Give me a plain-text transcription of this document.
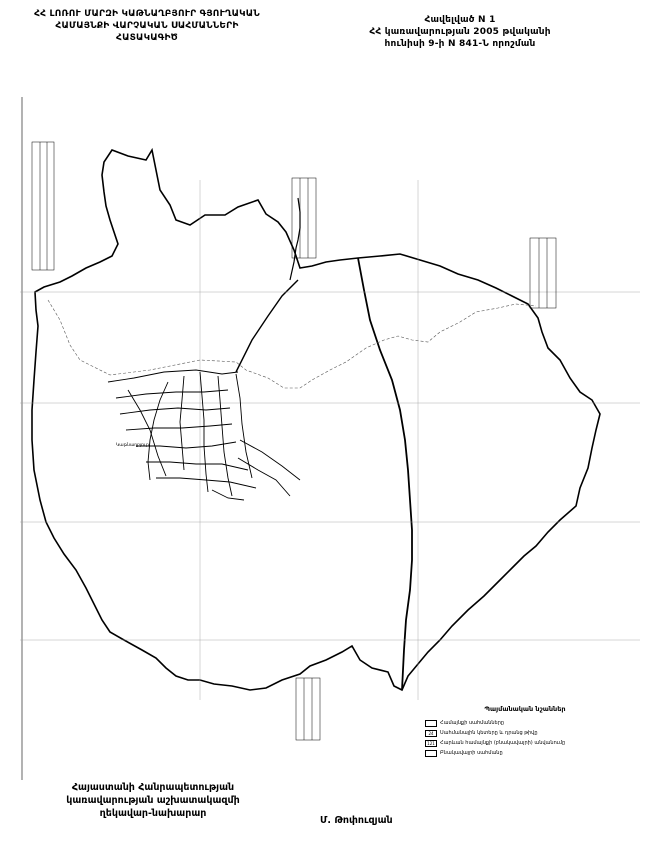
ՀՀ ԼՈՌՈՒ ՄԱՐԶԻ ԿԱԹՆԱՂԲՅՈՒՐ ԳՅՈՒՂԱԿԱՆ
ՀԱՄԱՅՆՔԻ ՎԱՐՉԱԿԱՆ ՍԱՀՄԱՆՆԵՐԻ
ՀԱՏԱԿԱԳԻԾ
Հավելված N 1
ՀՀ կառավարության 2005 թվականի
հունիսի 9-ի N 841-Ն որոշման
Կաթնաղբյուր
Պայմանական նշաններ
Համայնքի սահմանները
24	Սահմանային կետերը և դրանց թիվը
121	Հարևան համայնքի (բնակավայրի) անվանումը
Բնակավայրի սահմանը
Հայաստանի Հանրապետության
կառավարության աշխատակազմի
ղեկավար-նախարար
Մ. Թոփուզյան
